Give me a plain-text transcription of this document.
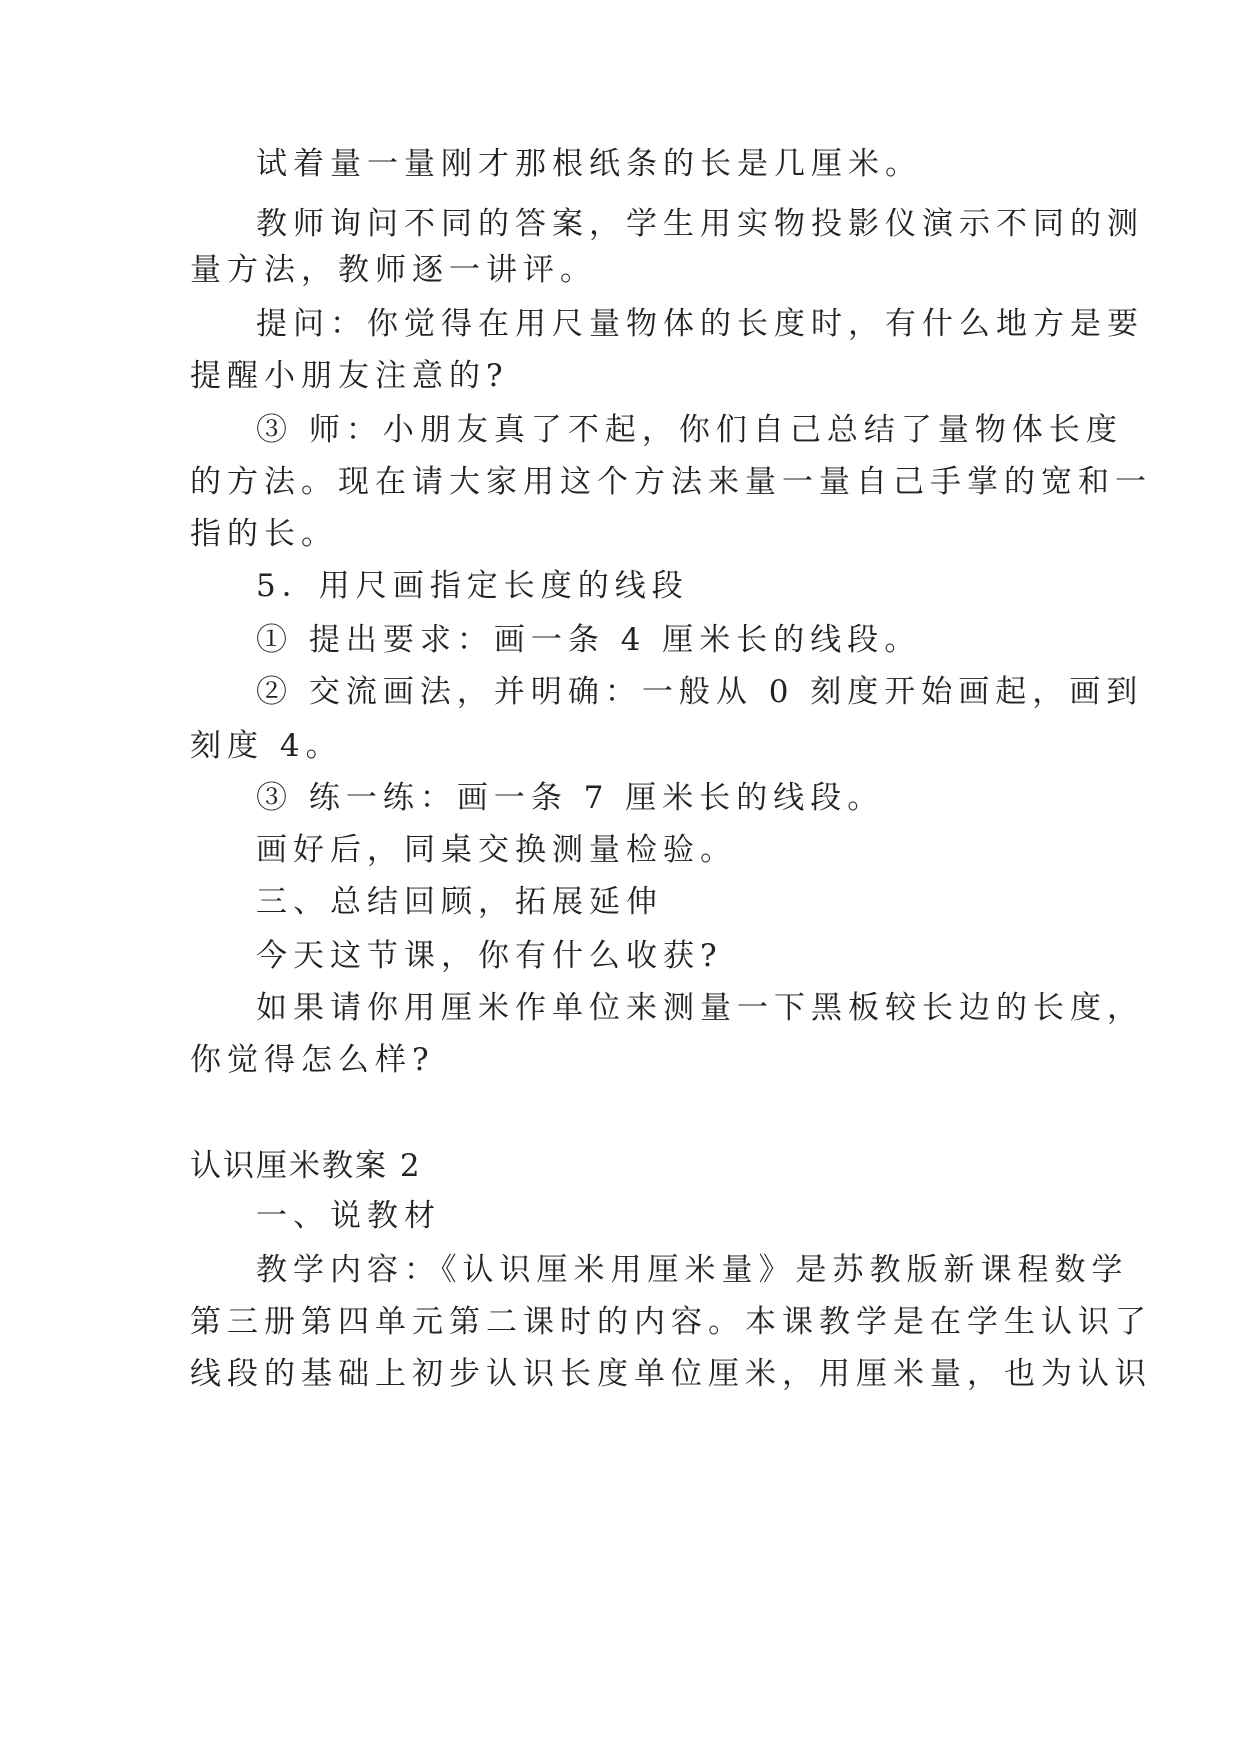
试着量一量刚才那根纸条的长是几厘米。
教师询问不同的答案，学生用实物投影仪演示不同的测
量方法，教师逐一讲评。
提问：你觉得在用尺量物体的长度时，有什么地方是要
提醒小朋友注意的?
③ 师：小朋友真了不起，你们自己总结了量物体长度
的方法。现在请大家用这个方法来量一量自己手掌的宽和一
指的长。
5．用尺画指定长度的线段
① 提出要求：画一条 4 厘米长的线段。
② 交流画法，并明确：一般从 0 刻度开始画起，画到
刻度 4。
③ 练一练：画一条 7 厘米长的线段。
画好后，同桌交换测量检验。
三、总结回顾，拓展延伸
今天这节课，你有什么收获?
如果请你用厘米作单位来测量一下黑板较长边的长度，
你觉得怎么样?
认识厘米教案 2
一、说教材
教学内容：《认识厘米用厘米量》是苏教版新课程数学
第三册第四单元第二课时的内容。本课教学是在学生认识了
线段的基础上初步认识长度单位厘米，用厘米量，也为认识
